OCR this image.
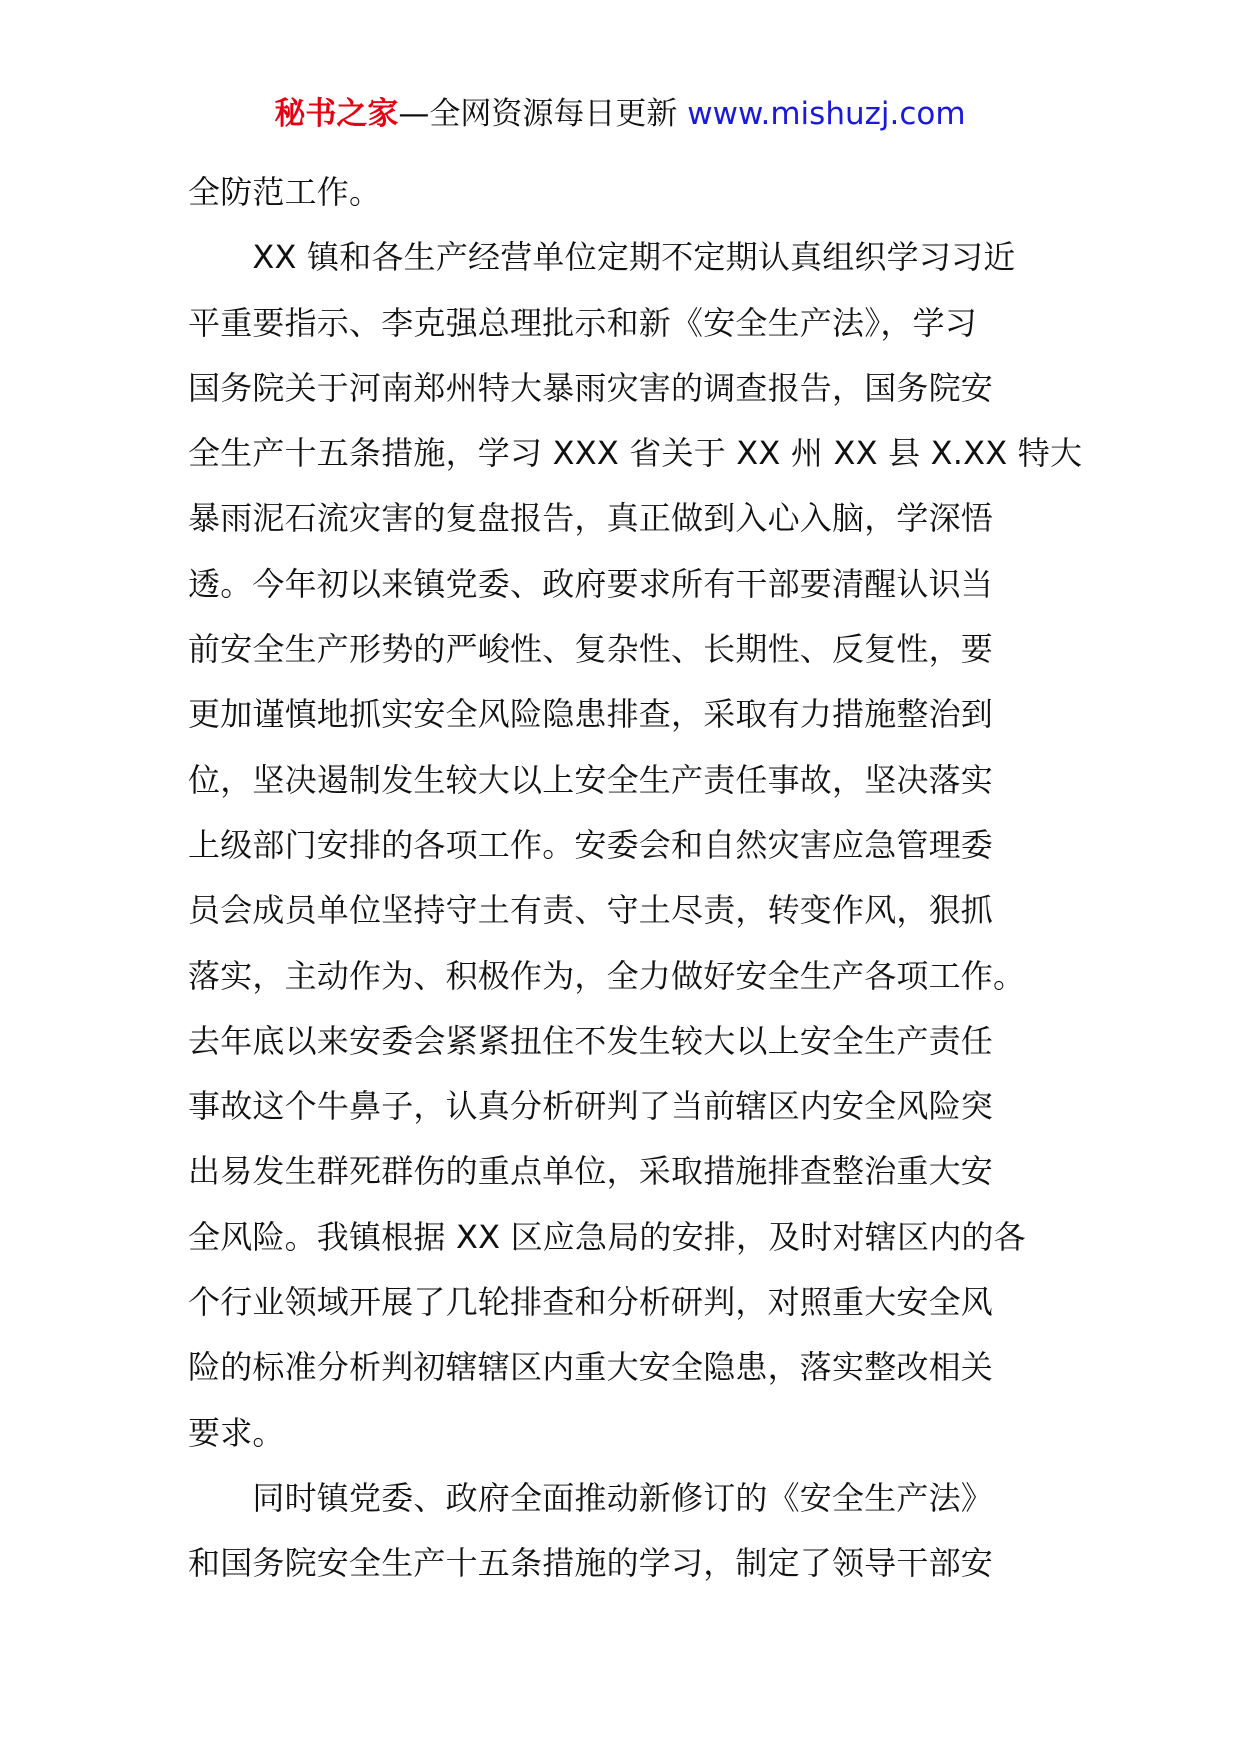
秘书之家—全网资源每日更新 www.mishuzj.com
全防范工作。
　　XX 镇和各生产经营单位定期不定期认真组织学习习近
平重要指示、李克强总理批示和新《安全生产法》，学习
国务院关于河南郑州特大暴雨灾害的调查报告，国务院安
全生产十五条措施，学习 XXX 省关于 XX 州 XX 县 X.XX 特大
暴雨泥石流灾害的复盘报告，真正做到入心入脑，学深悟
透。今年初以来镇党委、政府要求所有干部要清醒认识当
前安全生产形势的严峻性、复杂性、长期性、反复性，要
更加谨慎地抓实安全风险隐患排查，采取有力措施整治到
位，坚决遏制发生较大以上安全生产责任事故，坚决落实
上级部门安排的各项工作。安委会和自然灾害应急管理委
员会成员单位坚持守土有责、守土尽责，转变作风，狠抓
落实，主动作为、积极作为，全力做好安全生产各项工作。
去年底以来安委会紧紧扭住不发生较大以上安全生产责任
事故这个牛鼻子，认真分析研判了当前辖区内安全风险突
出易发生群死群伤的重点单位，采取措施排查整治重大安
全风险。我镇根据 XX 区应急局的安排，及时对辖区内的各
个行业领域开展了几轮排查和分析研判，对照重大安全风
险的标准分析判初辖辖区内重大安全隐患，落实整改相关
要求。
　　同时镇党委、政府全面推动新修订的《安全生产法》
和国务院安全生产十五条措施的学习，制定了领导干部安
